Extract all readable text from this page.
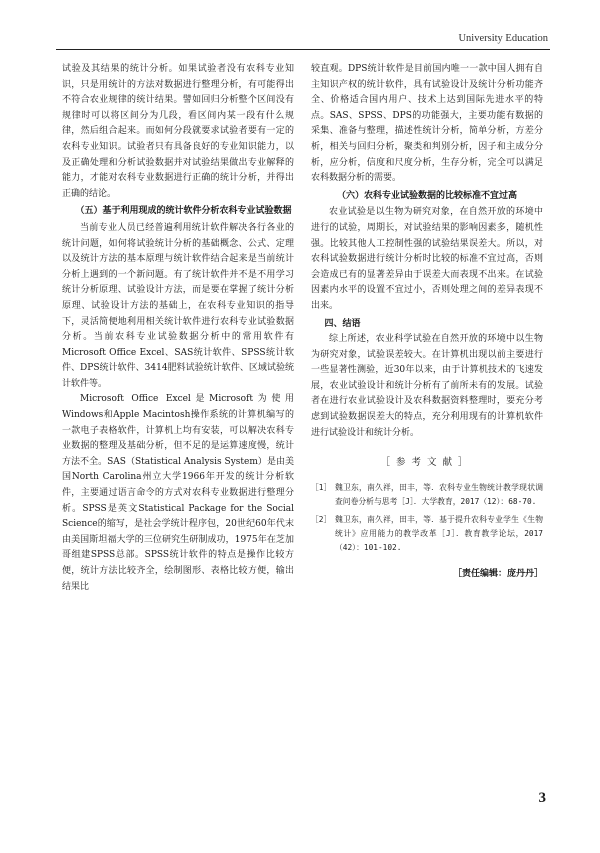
University Education

试验及其结果的统计分析。如果试验者没有农科专业知识，只是用统计的方法对数据进行整理分析，有可能得出不符合农业规律的统计结果。譬如回归分析整个区间没有规律时可以将区间分为几段，看区间内某一段有什么规律，然后组合起来。而如何分段就要求试验者要有一定的农科专业知识。试验者只有具备良好的专业知识能力，以及正确处理和分析试验数据并对试验结果做出专业解释的能力，才能对农科专业数据进行正确的统计分析，并得出正确的结论。

（五）基于利用现成的统计软件分析农科专业试验数据

当前专业人员已经普遍利用统计软件解决各行各业的统计问题，如何将试验统计分析的基础概念、公式、定理以及统计方法的基本原理与统计软件结合起来是当前统计分析上遇到的一个新问题。有了统计软件并不是不用学习统计分析原理、试验设计方法，而是要在掌握了统计分析原理、试验设计方法的基础上，在农科专业知识的指导下，灵活简便地利用相关统计软件进行农科专业试验数据分析。当前农科专业试验数据分析中的常用软件有Microsoft Office Excel、SAS统计软件、SPSS统计软件、DPS统计软件、3414肥料试验统计软件、区域试验统计软件等。

Microsoft Office Excel是Microsoft为使用Windows和Apple Macintosh操作系统的计算机编写的一款电子表格软件，计算机上均有安装，可以解决农科专业数据的整理及基础分析，但不足的是运算速度慢，统计方法不全。SAS（Statistical Analysis System）是由美国North Carolina州立大学1966年开发的统计分析软件，主要通过语言命令的方式对农科专业数据进行整理分析。SPSS是英文Statistical Package for the Social Science的缩写，是社会学统计程序包，20世纪60年代末由美国斯坦福大学的三位研究生研制成功，1975年在芝加哥组建SPSS总部。SPSS统计软件的特点是操作比较方便，统计方法比较齐全，绘制图形、表格比较方便，输出结果比

较直观。DPS统计软件是目前国内唯一一款中国人拥有自主知识产权的统计软件，具有试验设计及统计分析功能齐全、价格适合国内用户、技术上达到国际先进水平的特点。SAS、SPSS、DPS的功能强大，主要功能有数据的采集、准备与整理，描述性统计分析，简单分析，方差分析，相关与回归分析，聚类和判别分析，因子和主成分分析，应分析，信度和尺度分析，生存分析，完全可以满足农科数据分析的需要。

（六）农科专业试验数据的比较标准不宜过高

农业试验是以生物为研究对象，在自然开放的环境中进行的试验，周期长，对试验结果的影响因素多，随机性强。比较其他人工控制性强的试验结果误差大。所以，对农科试验数据进行统计分析时比较的标准不宜过高，否则会造成已有的显著差异由于误差大而表现不出来。在试验因素内水平的设置不宜过小，否则处理之间的差异表现不出来。

四、结语

综上所述，农业科学试验在自然开放的环境中以生物为研究对象，试验误差较大。在计算机出现以前主要进行一些显著性测验，近30年以来，由于计算机技术的飞速发展，农业试验设计和统计分析有了前所未有的发展。试验者在进行农业试验设计及农科数据资料整理时，要充分考虑到试验数据误差大的特点，充分利用现有的计算机软件进行试验设计和统计分析。

［参考文献］
［1］ 魏卫东，南久祥，田丰，等．农科专业生物统计教学现状调查问卷分析与思考［J］．大学教育，2017（12）：68-70.
［2］ 魏卫东，南久祥，田丰，等．基于提升农科专业学生《生物统计》应用能力的教学改革［J］．教育教学论坛，2017（42）：101-102.
［责任编辑：庞丹丹］
3
